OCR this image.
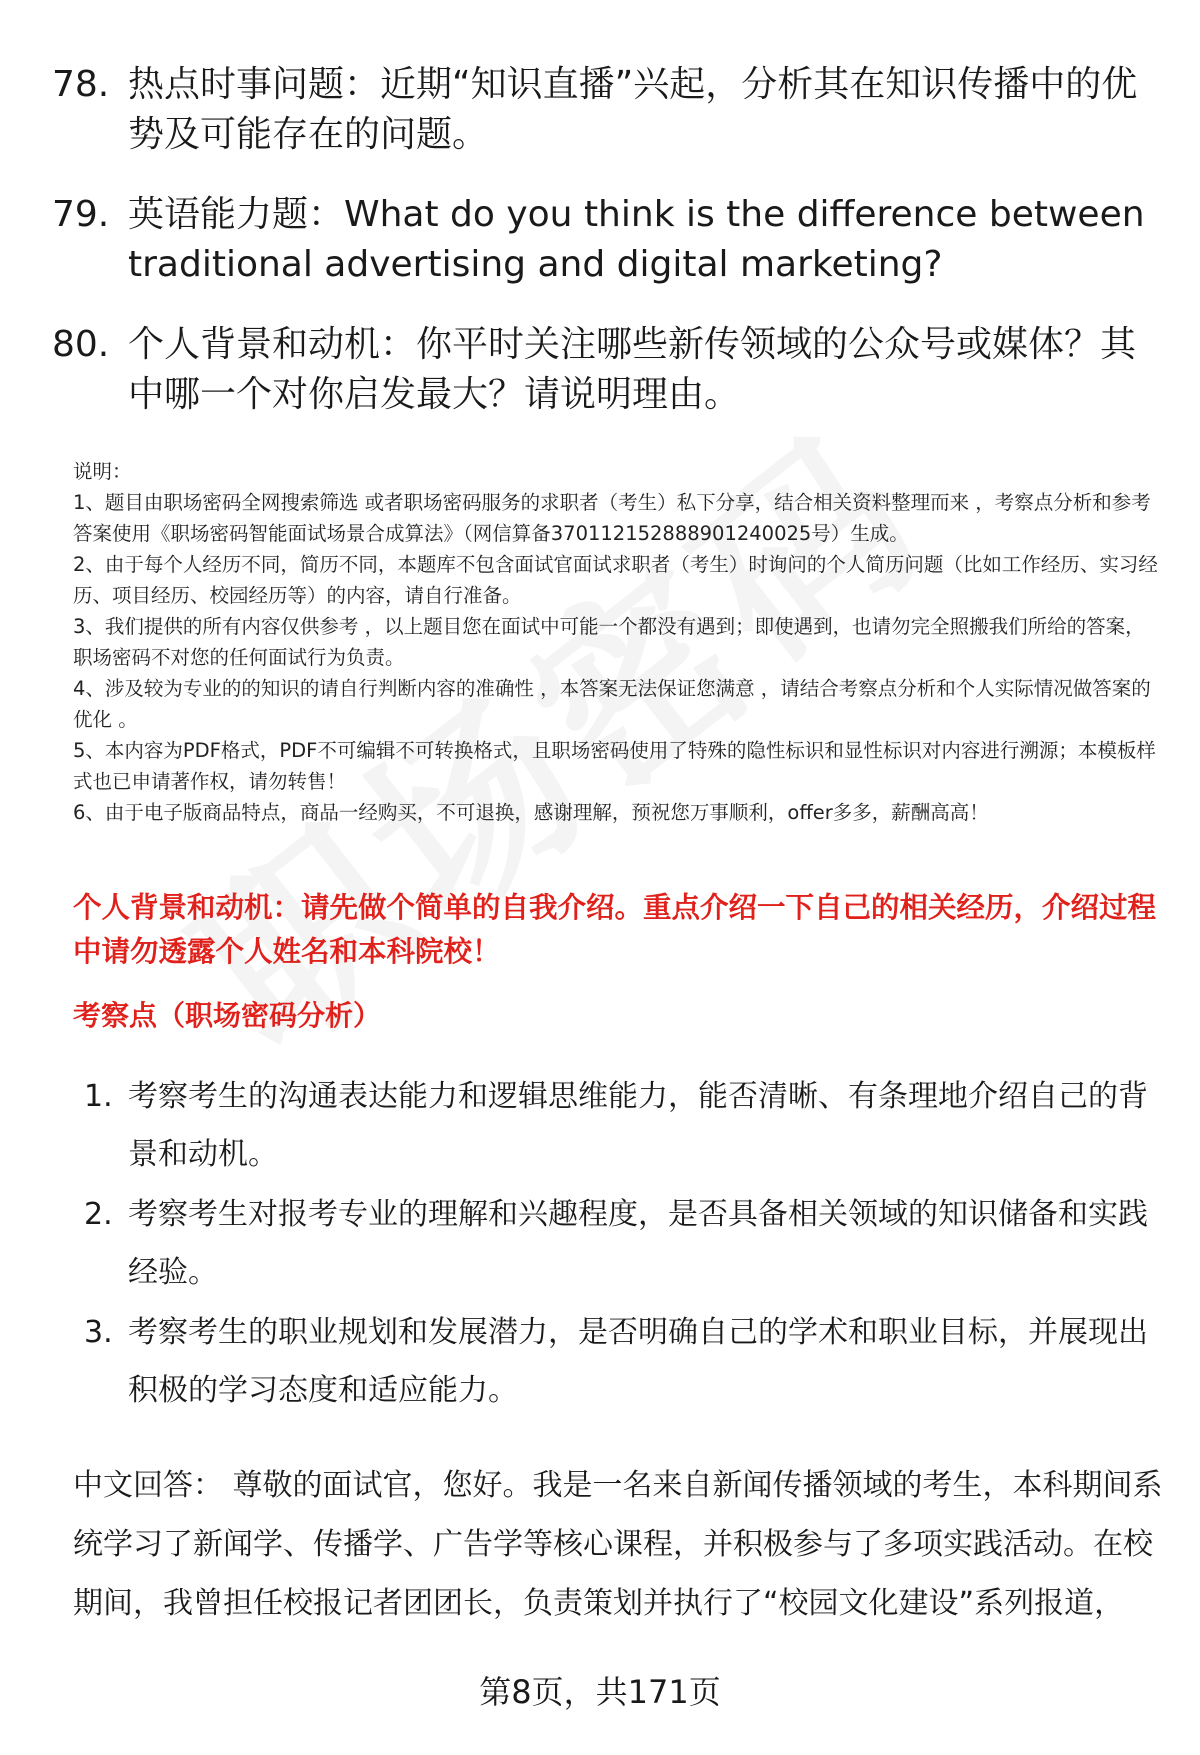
78. 热点时事问题：近期“知识直播”兴起，分析其在知识传播中的优势及可能存在的问题。
79. 英语能力题：What do you think is the difference between traditional advertising and digital marketing?
80. 个人背景和动机：你平时关注哪些新传领域的公众号或媒体？其中哪一个对你启发最大？请说明理由。

说明：

1、题目由职场密码全网搜索筛选 或者职场密码服务的求职者（考生）私下分享，结合相关资料整理而来 ，考察点分析和参考答案使用《职场密码智能面试场景合成算法》（网信算备370112152888901240025号）生成。

2、由于每个人经历不同，简历不同，本题库不包含面试官面试求职者（考生）时询问的个人简历问题（比如工作经历、实习经历、项目经历、校园经历等）的内容，请自行准备。

3、我们提供的所有内容仅供参考 ，以上题目您在面试中可能一个都没有遇到；即使遇到，也请勿完全照搬我们所给的答案，职场密码不对您的任何面试行为负责。

4、涉及较为专业的的知识的请自行判断内容的准确性 ，本答案无法保证您满意 ，请结合考察点分析和个人实际情况做答案的优化 。

5、本内容为PDF格式，PDF不可编辑不可转换格式，且职场密码使用了特殊的隐性标识和显性标识对内容进行溯源；本模板样式也已申请著作权，请勿转售！

6、由于电子版商品特点，商品一经购买，不可退换，感谢理解，预祝您万事顺利，offer多多，薪酬高高！

个人背景和动机：请先做个简单的自我介绍。重点介绍一下自己的相关经历，介绍过程中请勿透露个人姓名和本科院校！
考察点（职场密码分析）
1. 考察考生的沟通表达能力和逻辑思维能力，能否清晰、有条理地介绍自己的背景和动机。
2. 考察考生对报考专业的理解和兴趣程度，是否具备相关领域的知识储备和实践经验。
3. 考察考生的职业规划和发展潜力，是否明确自己的学术和职业目标，并展现出积极的学习态度和适应能力。
中文回答： 尊敬的面试官，您好。我是一名来自新闻传播领域的考生，本科期间系统学习了新闻学、传播学、广告学等核心课程，并积极参与了多项实践活动。在校期间，我曾担任校报记者团团长，负责策划并执行了“校园文化建设”系列报道，
第8页，共171页
